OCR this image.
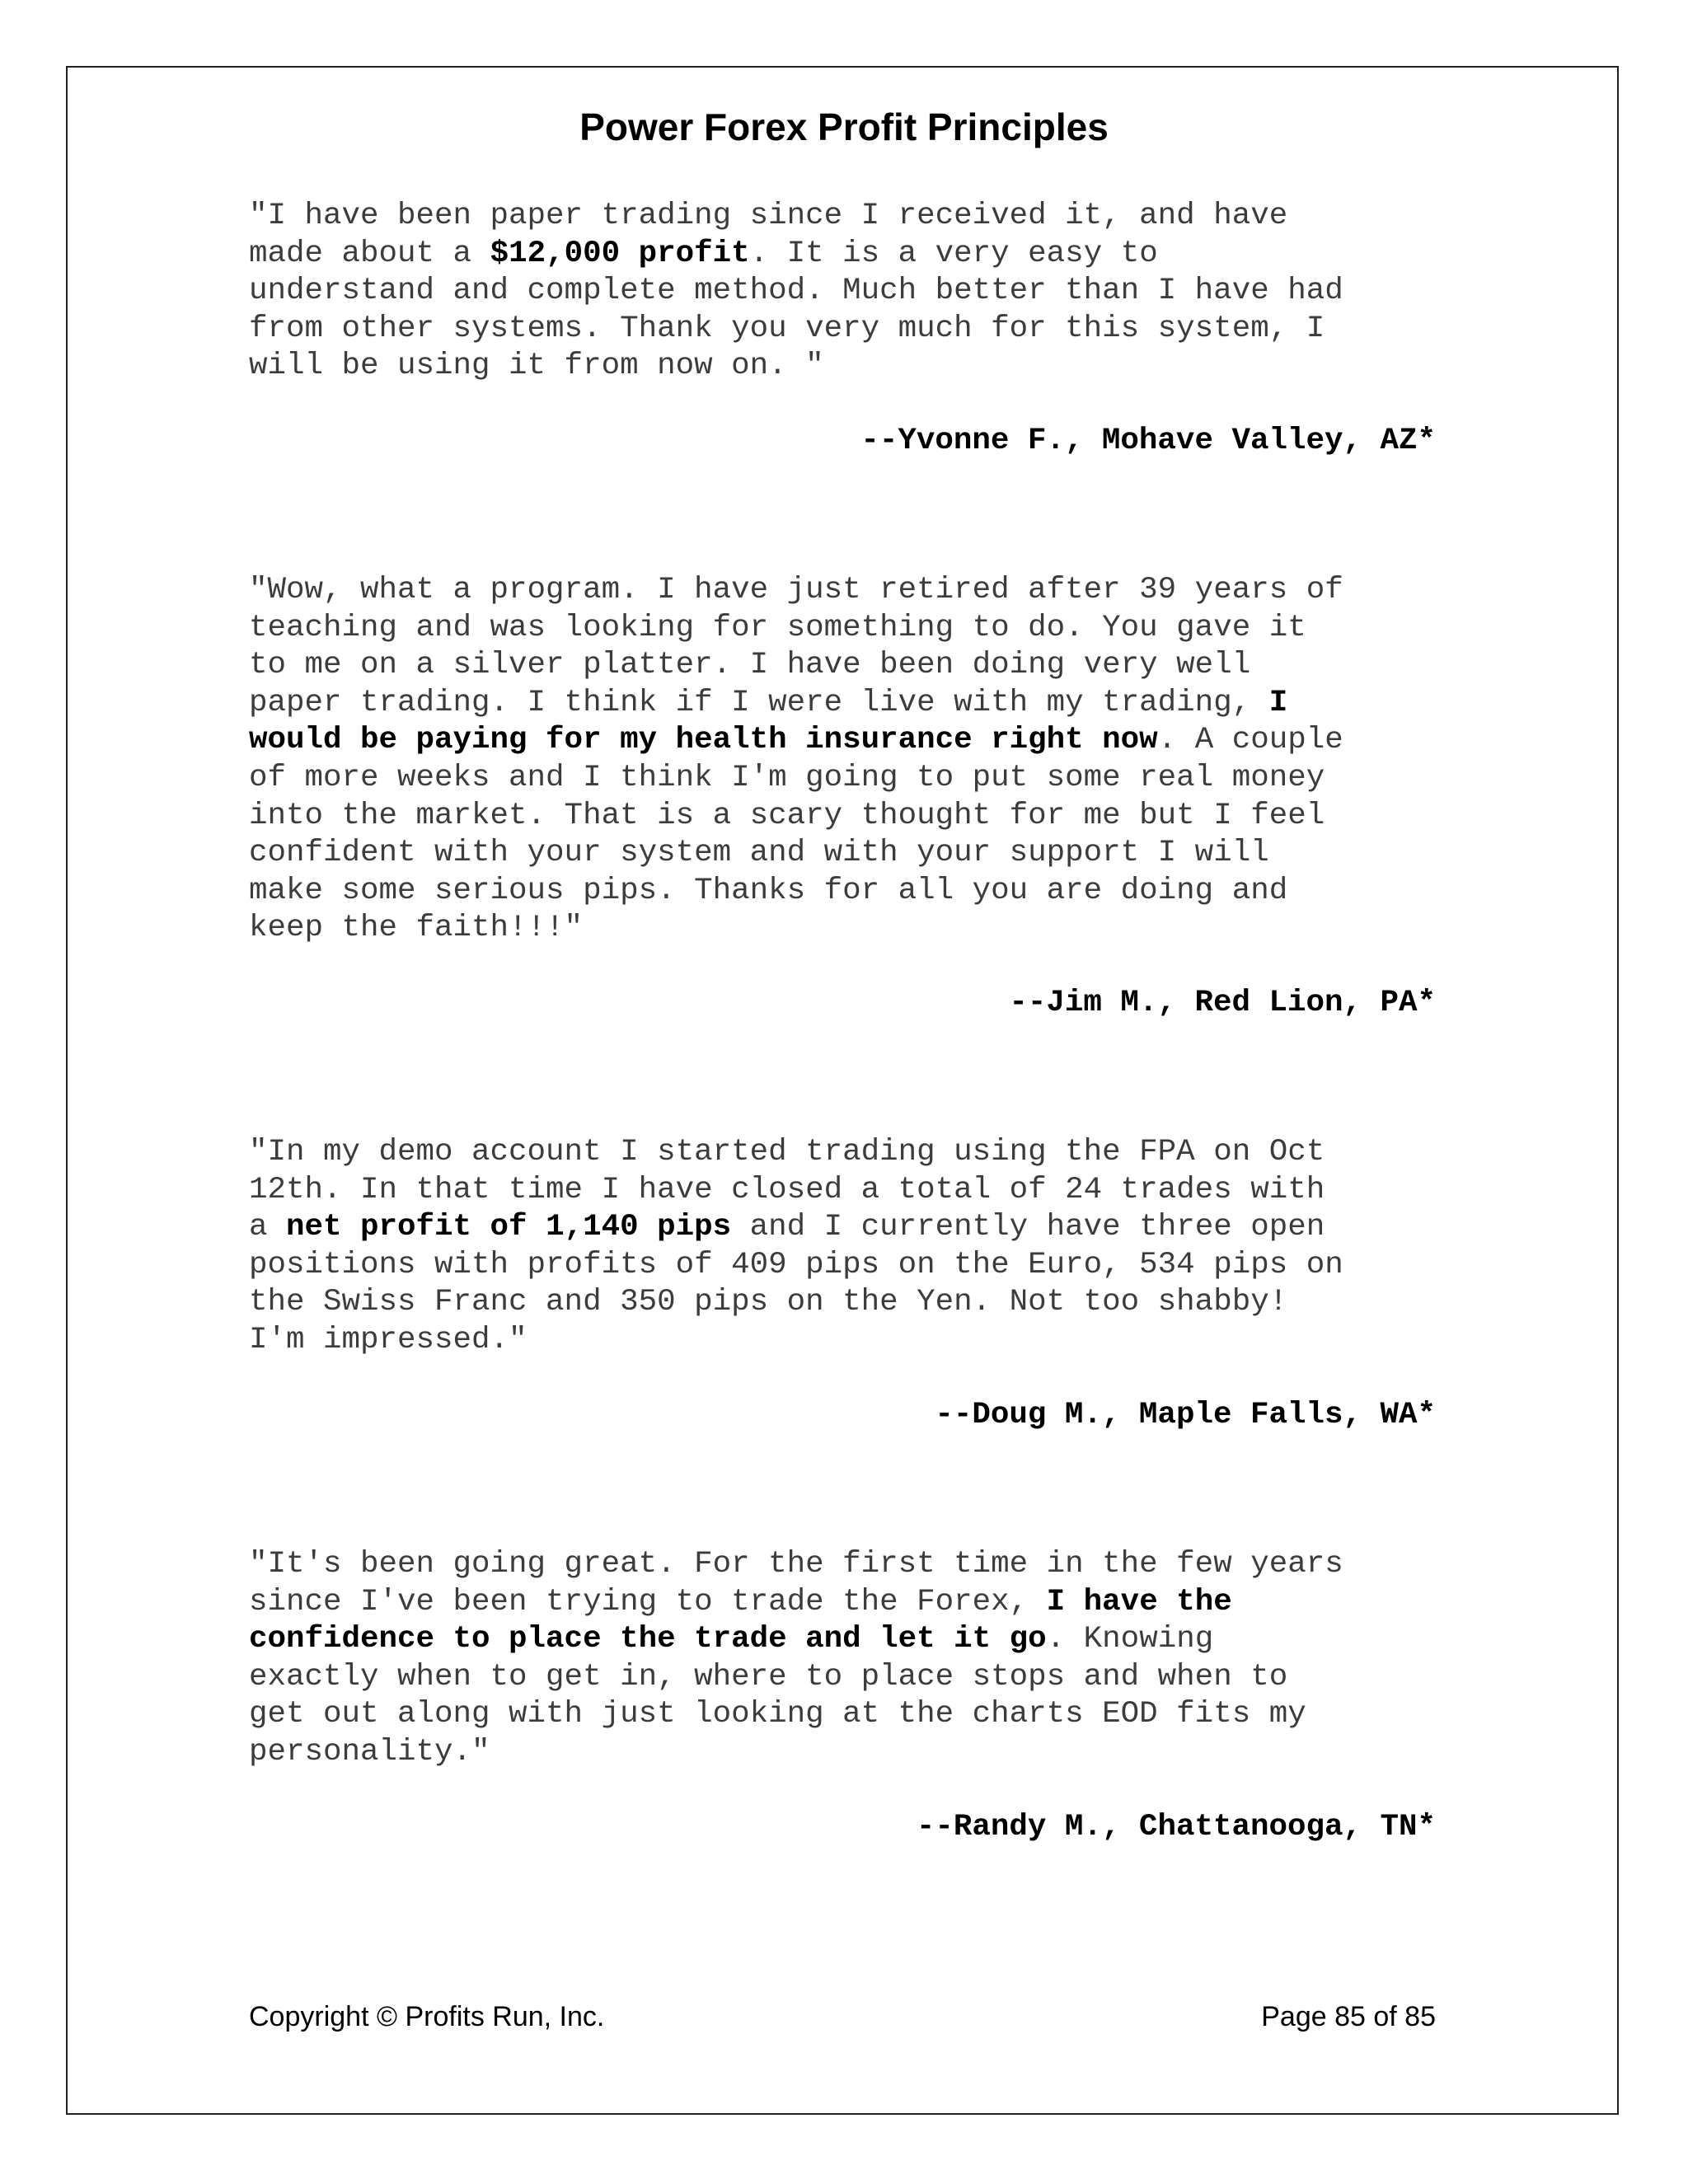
Power Forex Profit Principles

"I have been paper trading since I received it, and have
made about a $12,000 profit. It is a very easy to
understand and complete method. Much better than I have had
from other systems. Thank you very much for this system, I
will be using it from now on. "

--Yvonne F., Mohave Valley, AZ*

"Wow, what a program. I have just retired after 39 years of
teaching and was looking for something to do. You gave it
to me on a silver platter. I have been doing very well
paper trading. I think if I were live with my trading, I
would be paying for my health insurance right now. A couple
of more weeks and I think I'm going to put some real money
into the market. That is a scary thought for me but I feel
confident with your system and with your support I will
make some serious pips. Thanks for all you are doing and
keep the faith!!!"

--Jim M., Red Lion, PA*

"In my demo account I started trading using the FPA on Oct
12th. In that time I have closed a total of 24 trades with
a net profit of 1,140 pips and I currently have three open
positions with profits of 409 pips on the Euro, 534 pips on
the Swiss Franc and 350 pips on the Yen. Not too shabby!
I'm impressed."

--Doug M., Maple Falls, WA*

"It's been going great. For the first time in the few years
since I've been trying to trade the Forex, I have the
confidence to place the trade and let it go. Knowing
exactly when to get in, where to place stops and when to
get out along with just looking at the charts EOD fits my
personality."

--Randy M., Chattanooga, TN*

Copyright © Profits Run, Inc.	Page 85 of 85
